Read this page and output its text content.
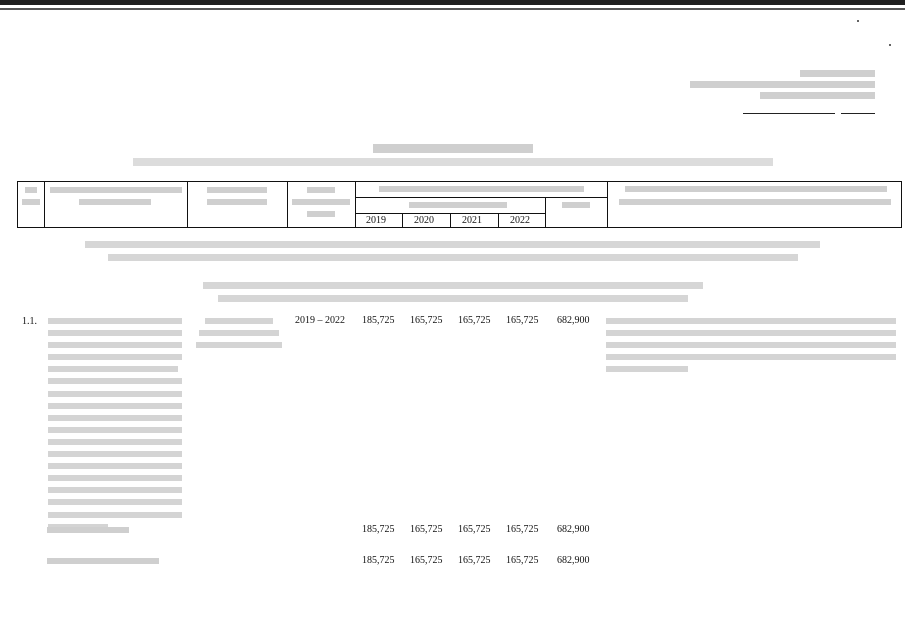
2019	2020	2021	2022
1.1.	2019 – 2022 185,725 165,725 165,725 165,725 682,900
185,725 165,725 165,725 165,725 682,900
185,725 165,725 165,725 165,725 682,900
